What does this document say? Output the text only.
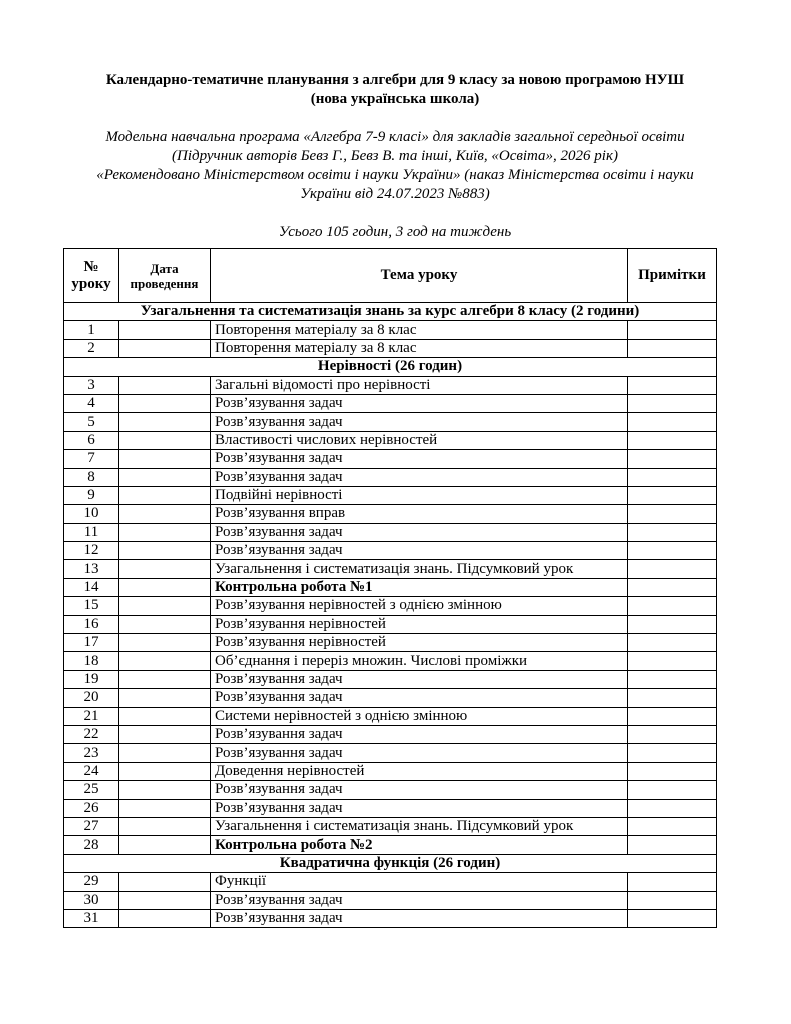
Календарно-тематичне планування з алгебри для 9 класу за новою програмою НУШ
(нова українська школа)

Модельна навчальна програма «Алгебра 7-9 класі» для закладів загальної середньої освіти
(Підручник авторів Бевз Г., Бевз В. та інші, Київ, «Освіта», 2026 рік)
«Рекомендовано Міністерством освіти і науки України» (наказ Міністерства освіти і науки
України від 24.07.2023 №883)

Усього 105 годин, 3 год на тиждень

№
уроку	Дата
проведення	Тема уроку	Примітки
Узагальнення та систематизація знань за курс алгебри 8 класу (2 години)			
1		Повторення матеріалу за 8 клас	
2		Повторення матеріалу за 8 клас	
Нерівності (26 годин)			
3		Загальні відомості про нерівності	
4		Розв’язування задач	
5		Розв’язування задач	
6		Властивості числових нерівностей	
7		Розв’язування задач	
8		Розв’язування задач	
9		Подвійні нерівності	
10		Розв’язування вправ	
11		Розв’язування задач	
12		Розв’язування задач	
13		Узагальнення і систематизація знань. Підсумковий урок	
14		Контрольна робота №1	
15		Розв’язування нерівностей з однією змінною	
16		Розв’язування нерівностей	
17		Розв’язування нерівностей	
18		Об’єднання і переріз множин. Числові проміжки	
19		Розв’язування задач	
20		Розв’язування задач	
21		Системи нерівностей з однією змінною	
22		Розв’язування задач	
23		Розв’язування задач	
24		Доведення нерівностей	
25		Розв’язування задач	
26		Розв’язування задач	
27		Узагальнення і систематизація знань. Підсумковий урок	
28		Контрольна робота №2	
Квадратична функція (26 годин)			
29		Функції	
30		Розв’язування задач	
31		Розв’язування задач	
